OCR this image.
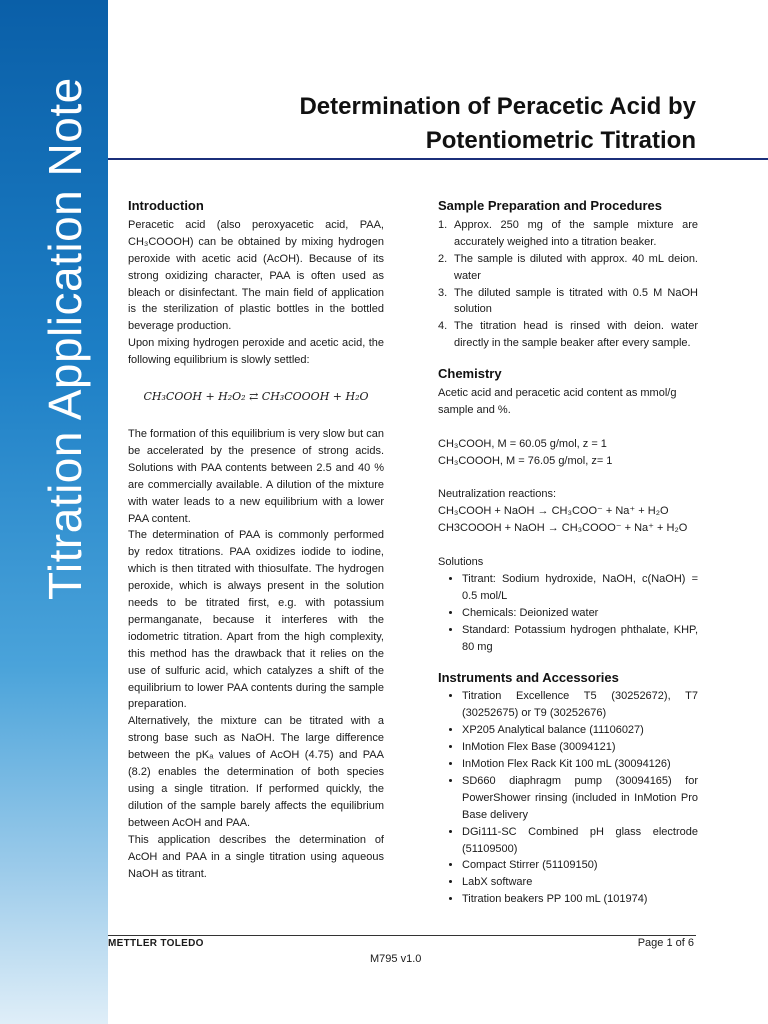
Titration Application Note	Determination of Peracetic Acid by
Potentiometric Titration
Introduction

Peracetic acid (also peroxyacetic acid, PAA, CH₃COOOH) can be obtained by mixing hydrogen peroxide with acetic acid (AcOH). Because of its strong oxidizing character, PAA is often used as bleach or disinfectant. The main field of application is the sterilization of plastic bottles in the bottled beverage production.

Upon mixing hydrogen peroxide and acetic acid, the following equilibrium is slowly settled:

CH₃COOH + H₂O₂ ⇄ CH₃COOOH + H₂O

The formation of this equilibrium is very slow but can be accelerated by the presence of strong acids. Solutions with PAA contents between 2.5 and 40 % are commercially available. A dilution of the mixture with water leads to a new equilibrium with a lower PAA content.

The determination of PAA is commonly performed by redox titrations. PAA oxidizes iodide to iodine, which is then titrated with thiosulfate. The hydrogen peroxide, which is always present in the solution needs to be titrated first, e.g. with potassium permanganate, because it interferes with the iodometric titration. Apart from the high complexity, this method has the drawback that it relies on the use of sulfuric acid, which catalyzes a shift of the equilibrium to lower PAA contents during the sample preparation.

Alternatively, the mixture can be titrated with a strong base such as NaOH. The large difference between the pKₐ values of AcOH (4.75) and PAA (8.2) enables the determination of both species using a single titration. If performed quickly, the dilution of the sample barely affects the equilibrium between AcOH and PAA.

This application describes the determination of AcOH and PAA in a single titration using aqueous NaOH as titrant.

Sample Preparation and Procedures
1. Approx. 250 mg of the sample mixture are accurately weighed into a titration beaker.
2. The sample is diluted with approx. 40 mL deion. water
3. The diluted sample is titrated with 0.5 M NaOH solution
4. The titration head is rinsed with deion. water directly in the sample beaker after every sample.
Chemistry

Acetic acid and peracetic acid content as mmol/g sample and %.

CH₃COOH, M = 60.05 g/mol, z = 1

CH₃COOOH, M = 76.05 g/mol, z= 1

Neutralization reactions:

CH₃COOH + NaOH → CH₃COO⁻ + Na⁺ + H₂O

CH3COOOH + NaOH → CH₃COOO⁻ + Na⁺ + H₂O

Solutions

• Titrant: Sodium hydroxide, NaOH, c(NaOH) = 0.5 mol/L
• Chemicals: Deionized water
• Standard: Potassium hydrogen phthalate, KHP, 80 mg
Instruments and Accessories
• Titration Excellence T5 (30252672), T7 (30252675) or T9 (30252676)
• XP205 Analytical balance (11106027)
• InMotion Flex Base (30094121)
• InMotion Flex Rack Kit 100 mL (30094126)
• SD660 diaphragm pump (30094165) for PowerShower rinsing (included in InMotion Pro Base delivery
• DGi111-SC Combined pH glass electrode (51109500)
• Compact Stirrer (51109150)
• LabX software
• Titration beakers PP 100 mL (101974)
METTLER TOLEDO	Page 1 of 6
M795 v1.0
